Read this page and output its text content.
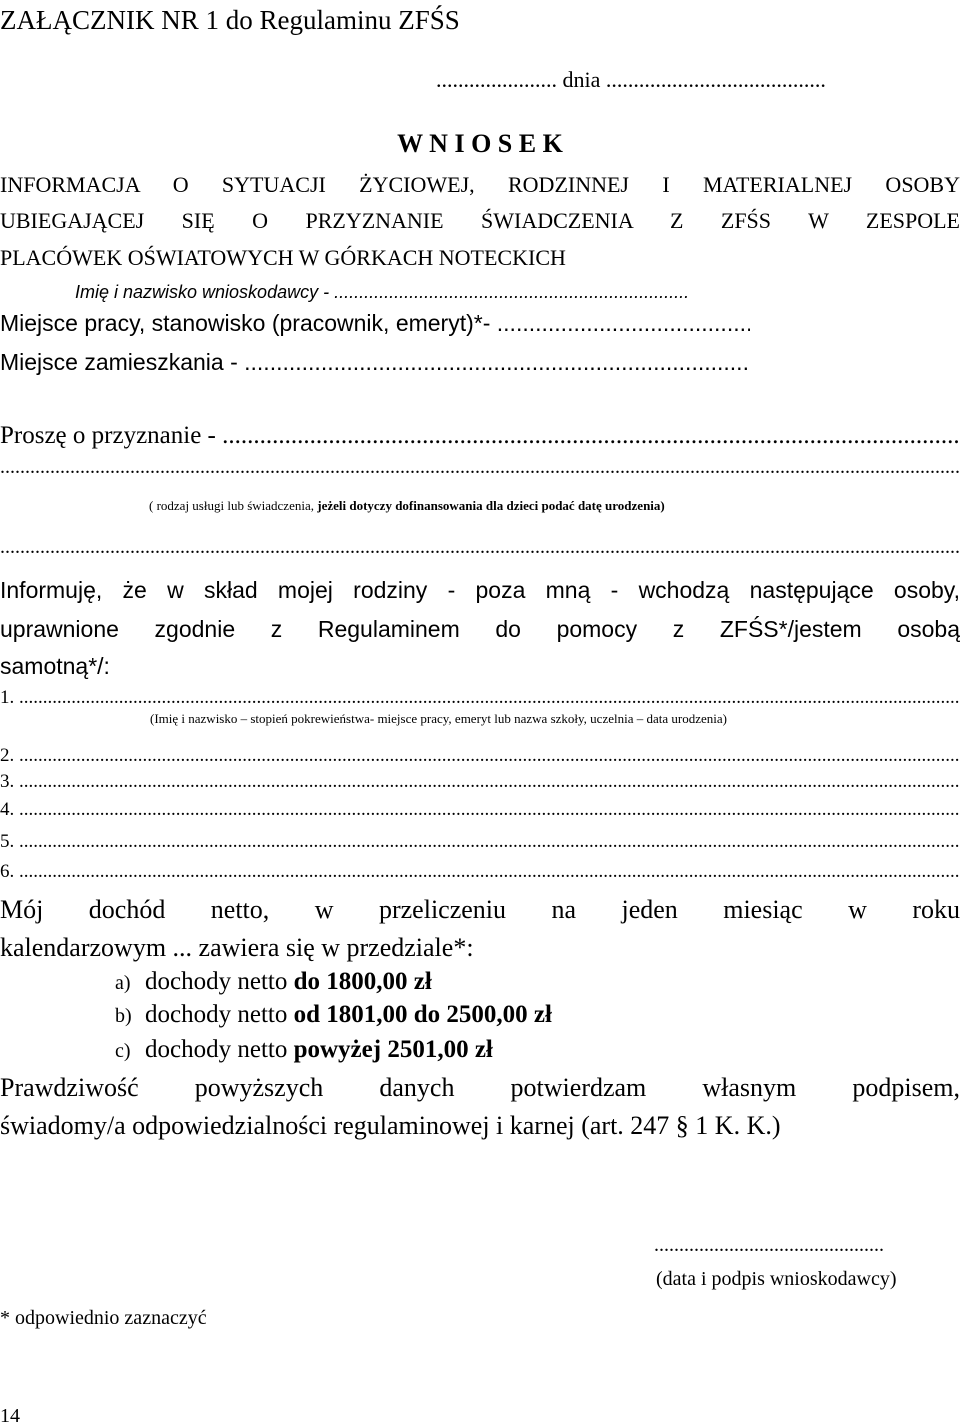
ZAŁĄCZNIK NR 1 do Regulaminu ZFŚS
...................... dnia ........................................
W N I O S E K
INFORMACJA O SYTUACJI ŻYCIOWEJ, RODZINNEJ I MATERIALNEJ OSOBY
UBIEGAJĄCEJ SIĘ O PRZYZNANIE ŚWIADCZENIA Z ZFŚS W ZESPOLE
PLACÓWEK OŚWIATOWYCH W GÓRKACH NOTECKICH
Imię i nazwisko wnioskodawcy - .....
Miejsce pracy, stanowisko (pracownik, emeryt)*- .....
Miejsce zamieszkania - .....
Proszę o przyznanie - .....
.....
( rodzaj usługi lub świadczenia, jeżeli dotyczy dofinansowania dla dzieci podać datę urodzenia)
.....
Informuję, że w skład mojej rodziny - poza mną - wchodzą następujące osoby,
uprawnione zgodnie z Regulaminem do pomocy z ZFŚS*/jestem osobą
samotną*/:
1. .....
(Imię i nazwisko – stopień pokrewieństwa- miejsce pracy, emeryt lub nazwa szkoły, uczelnia – data urodzenia)
2. .....
3. .....
4. .....
5. .....
6. .....
Mój dochód netto, w przeliczeniu na jeden miesiąc w roku
kalendarzowym ... zawiera się w przedziale*:
a) dochody netto do 1800,00 zł
b) dochody netto od 1801,00 do 2500,00 zł
c) dochody netto powyżej 2501,00 zł
Prawdziwość powyższych danych potwierdzam własnym podpisem,
świadomy/a odpowiedzialności regulaminowej i karnej (art. 247 § 1 K. K.)
..............................................
(data i podpis wnioskodawcy)
* odpowiednio zaznaczyć
14
